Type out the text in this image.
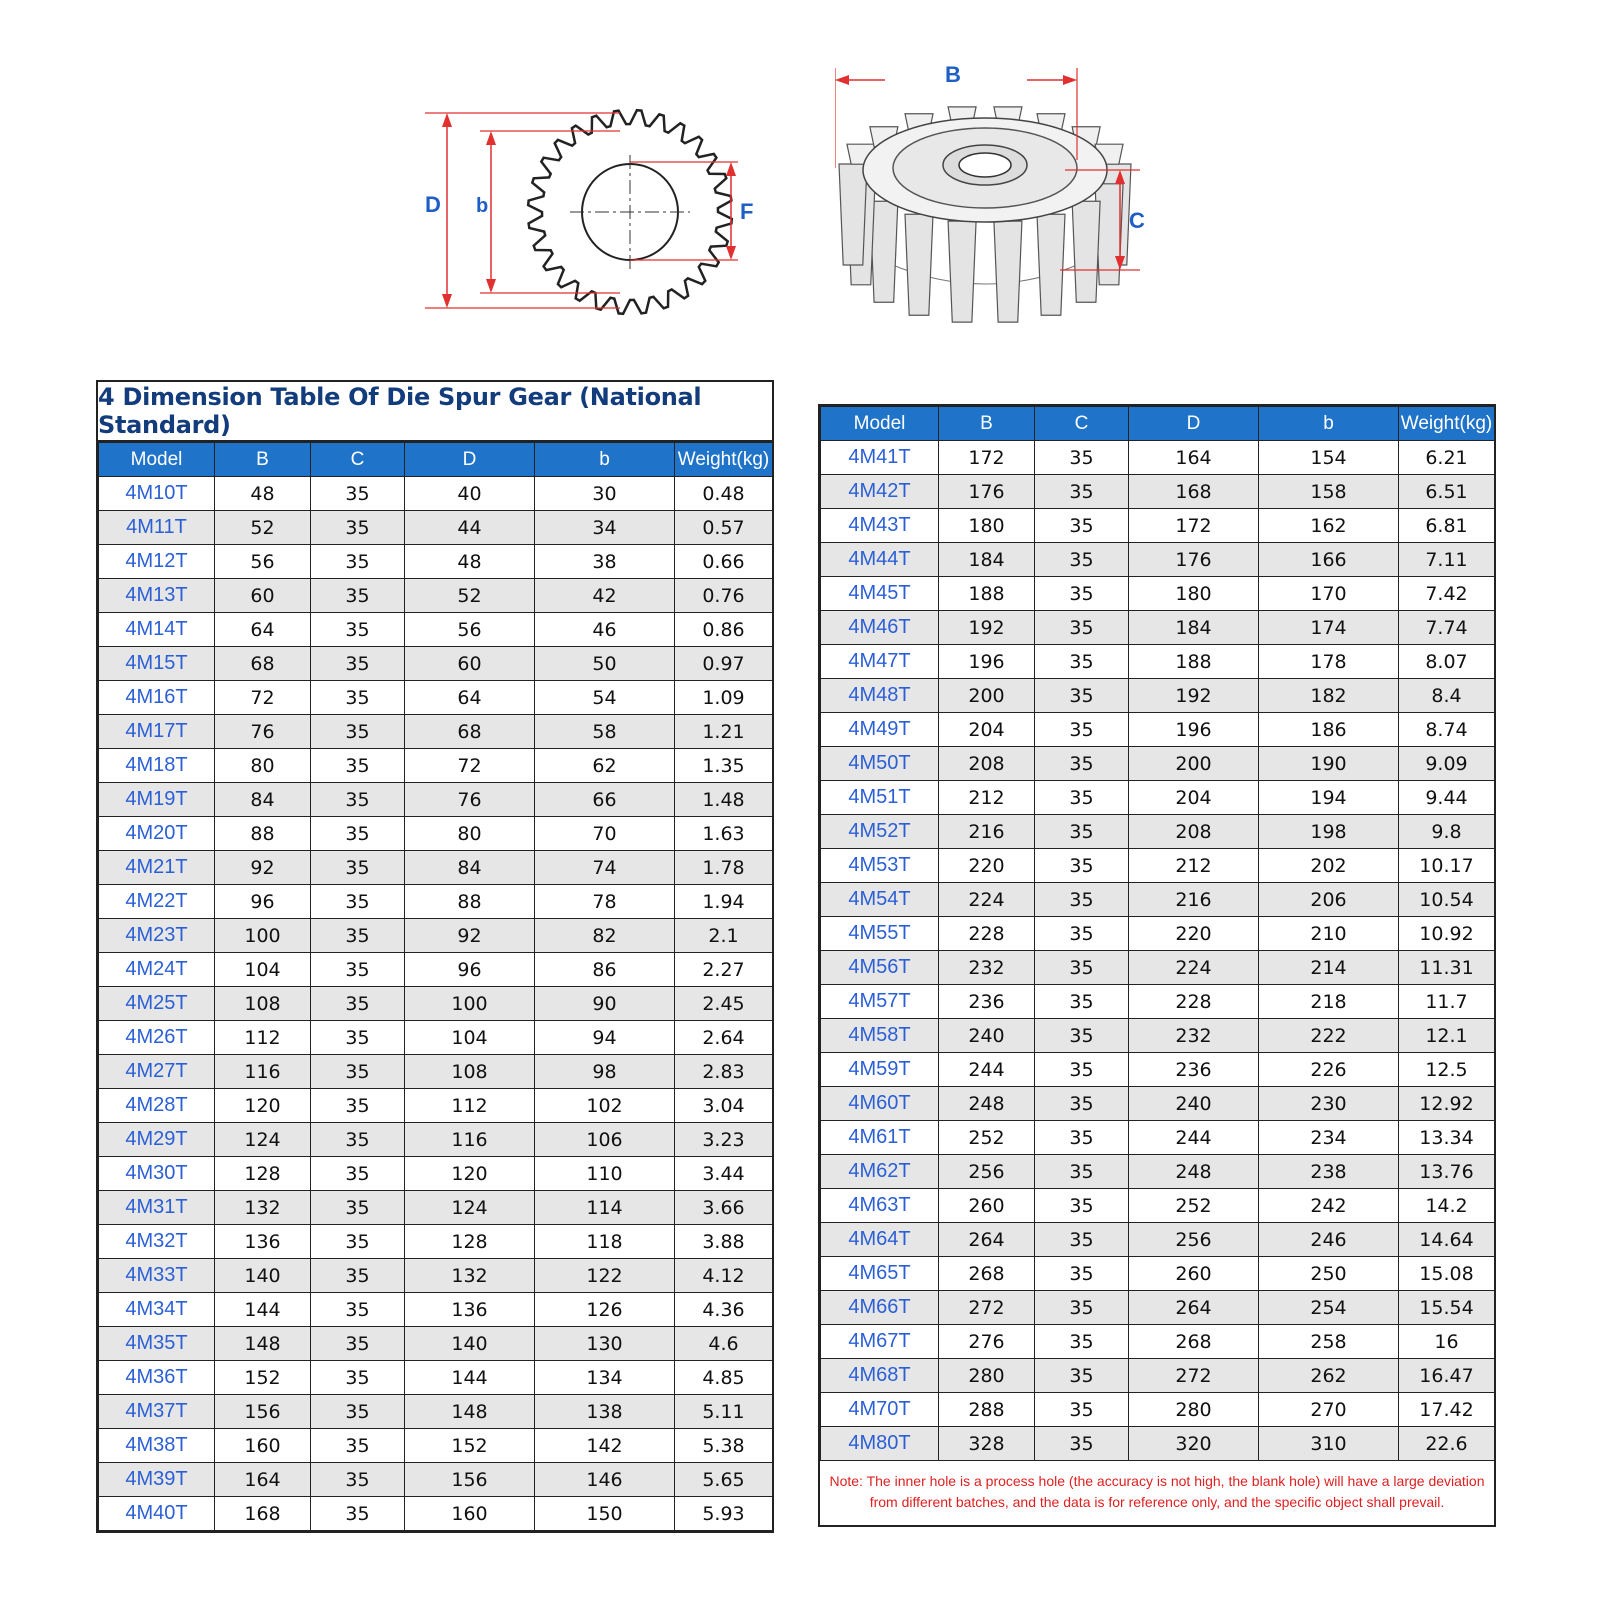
D b	F
B
C
4 Dimension Table Of Die Spur Gear (National Standard)
Model	B	C	D	b	Weight(kg)
4M10T	48	35	40	30	0.48
4M11T	52	35	44	34	0.57
4M12T	56	35	48	38	0.66
4M13T	60	35	52	42	0.76
4M14T	64	35	56	46	0.86
4M15T	68	35	60	50	0.97
4M16T	72	35	64	54	1.09
4M17T	76	35	68	58	1.21
4M18T	80	35	72	62	1.35
4M19T	84	35	76	66	1.48
4M20T	88	35	80	70	1.63
4M21T	92	35	84	74	1.78
4M22T	96	35	88	78	1.94
4M23T	100	35	92	82	2.1
4M24T	104	35	96	86	2.27
4M25T	108	35	100	90	2.45
4M26T	112	35	104	94	2.64
4M27T	116	35	108	98	2.83
4M28T	120	35	112	102	3.04
4M29T	124	35	116	106	3.23
4M30T	128	35	120	110	3.44
4M31T	132	35	124	114	3.66
4M32T	136	35	128	118	3.88
4M33T	140	35	132	122	4.12
4M34T	144	35	136	126	4.36
4M35T	148	35	140	130	4.6
4M36T	152	35	144	134	4.85
4M37T	156	35	148	138	5.11
4M38T	160	35	152	142	5.38
4M39T	164	35	156	146	5.65
4M40T	168	35	160	150	5.93
Model	B	C	D	b	Weight(kg)
4M41T	172	35	164	154	6.21
4M42T	176	35	168	158	6.51
4M43T	180	35	172	162	6.81
4M44T	184	35	176	166	7.11
4M45T	188	35	180	170	7.42
4M46T	192	35	184	174	7.74
4M47T	196	35	188	178	8.07
4M48T	200	35	192	182	8.4
4M49T	204	35	196	186	8.74
4M50T	208	35	200	190	9.09
4M51T	212	35	204	194	9.44
4M52T	216	35	208	198	9.8
4M53T	220	35	212	202	10.17
4M54T	224	35	216	206	10.54
4M55T	228	35	220	210	10.92
4M56T	232	35	224	214	11.31
4M57T	236	35	228	218	11.7
4M58T	240	35	232	222	12.1
4M59T	244	35	236	226	12.5
4M60T	248	35	240	230	12.92
4M61T	252	35	244	234	13.34
4M62T	256	35	248	238	13.76
4M63T	260	35	252	242	14.2
4M64T	264	35	256	246	14.64
4M65T	268	35	260	250	15.08
4M66T	272	35	264	254	15.54
4M67T	276	35	268	258	16
4M68T	280	35	272	262	16.47
4M70T	288	35	280	270	17.42
4M80T	328	35	320	310	22.6
Note: The inner hole is a process hole (the accuracy is not high, the blank hole) will have a large deviation from different batches, and the data is for reference only, and the specific object shall prevail.
